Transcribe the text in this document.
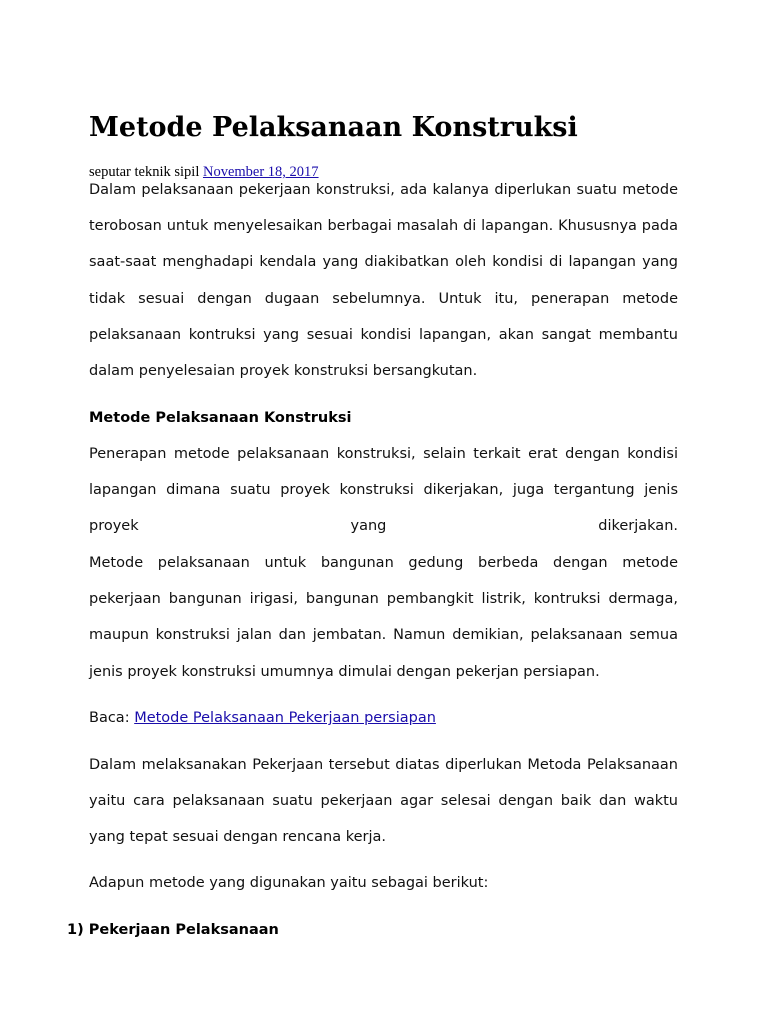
Metode Pelaksanaan Konstruksi
seputar teknik sipil November 18, 2017

Dalam pelaksanaan pekerjaan konstruksi, ada kalanya diperlukan suatu metode terobosan untuk menyelesaikan berbagai masalah di lapangan. Khususnya pada saat-saat menghadapi kendala yang diakibatkan oleh kondisi di lapangan yang tidak sesuai dengan dugaan sebelumnya. Untuk itu, penerapan metode pelaksanaan kontruksi yang sesuai kondisi lapangan, akan sangat membantu dalam penyelesaian proyek konstruksi bersangkutan.

Metode Pelaksanaan Konstruksi

Penerapan metode pelaksanaan konstruksi, selain terkait erat dengan kondisi lapangan dimana suatu proyek konstruksi dikerjakan, juga tergantung jenis proyek yang dikerjakan.

Metode pelaksanaan untuk bangunan gedung berbeda dengan metode pekerjaan bangunan irigasi, bangunan pembangkit listrik, kontruksi dermaga, maupun konstruksi jalan dan jembatan. Namun demikian, pelaksanaan semua jenis proyek konstruksi umumnya dimulai dengan pekerjan persiapan.

Baca: Metode Pelaksanaan Pekerjaan persiapan

Dalam melaksanakan Pekerjaan tersebut diatas diperlukan Metoda Pelaksanaan yaitu cara pelaksanaan suatu pekerjaan agar selesai dengan baik dan waktu yang tepat sesuai dengan rencana kerja.

Adapun metode yang digunakan yaitu sebagai berikut:

1) Pekerjaan Pelaksanaan
